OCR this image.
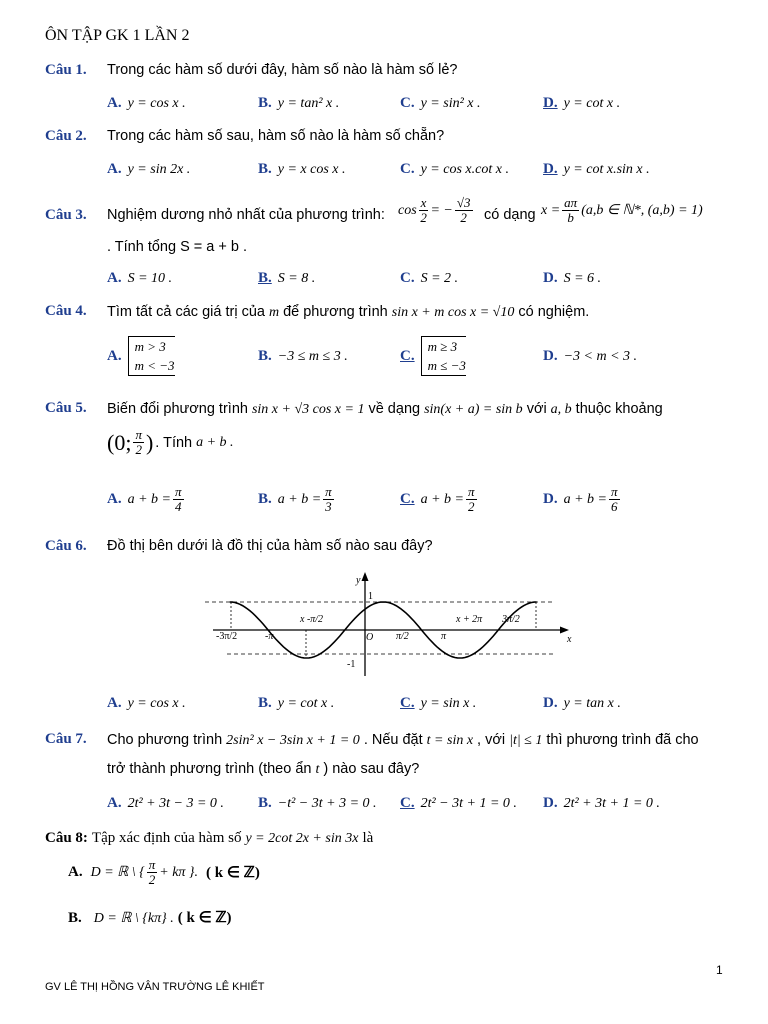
ÔN TẬP GK 1 LẦN 2
Câu 1. Trong các hàm số dưới đây, hàm số nào là hàm số lẻ?
A. y = cos x .	B. y = tan² x .	C. y = sin² x .	D. y = cot x .
Câu 2. Trong các hàm số sau, hàm số nào là hàm số chẵn?
A. y = sin 2x .	B. y = x cos x .	C. y = cos x.cot x . D. y = cot x.sin x .
Câu 3. Nghiệm dương nhỏ nhất của phương trình: $\cos \frac{x}{2}$ = − $\frac{√3}{2}$ có dạng $x = \frac{a\pi}{b} (a,b$ ∈ ℕ*, (a,b) = 1)
. Tính tổng S = a + b .
A. S = 10 .	B. S = 8 .	C. S = 2 .	D. S = 6 .
Câu 4. Tìm tất cả các giá trị của m để phương trình sin x + m cos x = √10 có nghiệm.
A.
m > 3
m < −3
B. −3 ≤ m ≤ 3 .	C.
m ≥ 3
m ≤ −3
D. −3 < m < 3 .
Câu 5. Biến đổi phương trình sin x + √3 cos x = 1 về dạng sin(x + a) = sin b với a, b thuộc khoảng
(0; $\frac{\pi}{2}$ ) . Tính a + b .
A. $a + b = \frac{\pi}{4}$	B. $a + b = \frac{\pi}{3}$	C. $a + b = \frac{\pi}{2}$	D. $a + b = \frac{\pi}{6}$
Câu 6. Đồ thị bên dưới là đồ thị của hàm số nào sau đây?
y
x
1
O
-1
-3π/2	-π	π/2	π
x -π/2	x + 2π 3π/2
A. y = cos x .	B. y = cot x .	C. y = sin x .	D. y = tan x .
Câu 7. Cho phương trình 2sin² x − 3sin x + 1 = 0 . Nếu đặt t = sin x , với |t| ≤ 1 thì phương trình đã cho
trở thành phương trình (theo ẩn t ) nào sau đây?
A. 2t² + 3t − 3 = 0 . B. −t² − 3t + 3 = 0 . C. 2t² − 3t + 1 = 0 . D. 2t² + 3t + 1 = 0 .
Câu 8: Tập xác định của hàm số y = 2cot 2x + sin 3x là
A. D = ℝ \ { $\frac{\pi}{2} + k\pi$ }. ( k ∈ ℤ)
B. D = ℝ \ {kπ} . ( k ∈ ℤ)
1
GV LÊ THỊ HỒNG VÂN TRƯỜNG LÊ KHIẾT
